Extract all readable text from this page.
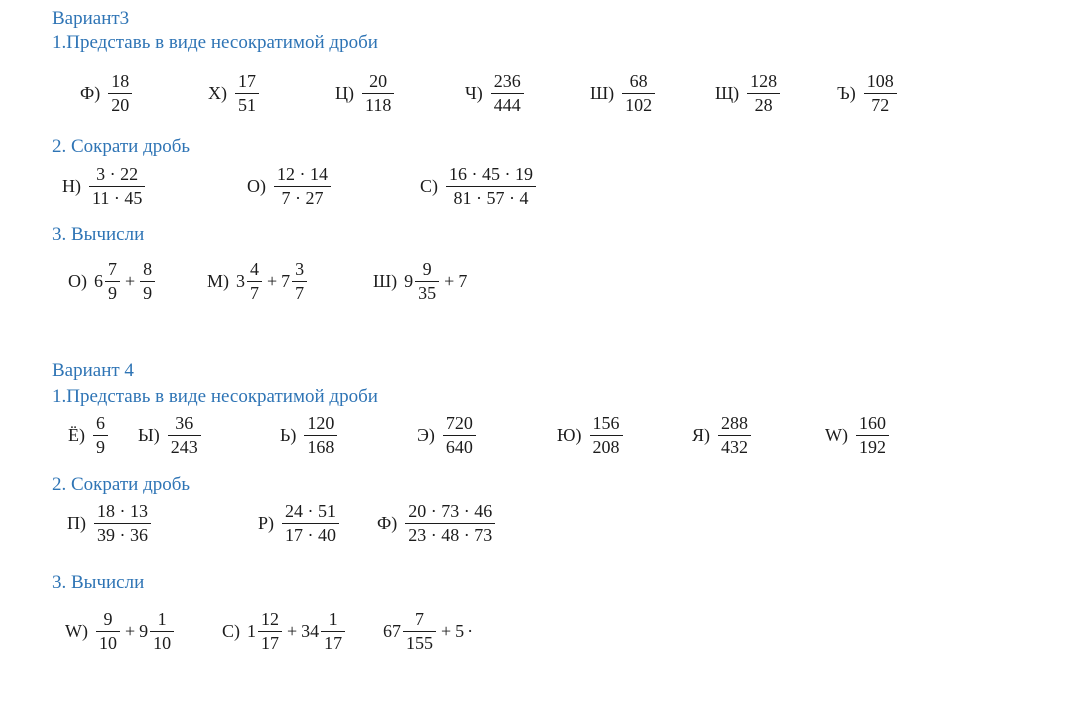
Вариант3
1.Представь в виде несократимой дроби
$Ф) \frac{18}{20}$	$Х) \frac{17}{51}$	$Ц) \frac{20}{118}$	$Ч) \frac{236}{444}$	$Ш) \frac{68}{102}$	$Щ) \frac{128}{28}$	$Ъ) \frac{108}{72}$
2. Сократи дробь
$Н) \frac{3 \cdot 22}{11 \cdot 45}$	$О) \frac{12 \cdot 14}{7 \cdot 27}$	$С) \frac{16 \cdot 45 \cdot 19}{81 \cdot 57 \cdot 4}$
3. Вычисли
О) $6 \frac{7}{9} + \frac{8}{9}$	М) $3 \frac{4}{7} + 7 \frac{3}{7}$	Ш) $9 \frac{9}{35} + 7$
Вариант 4
1.Представь в виде несократимой дроби
$Ё) \frac{6}{9} Ы) \frac{36}{243}$	$Ь) \frac{120}{168}$	$Э) \frac{720}{640}$	$Ю) \frac{156}{208}$	$Я) \frac{288}{432}$	$W) \frac{160}{192}$
2. Сократи дробь
$П) \frac{18 \cdot 13}{39 \cdot 36}$	$Р) \frac{24 \cdot 51}{17 \cdot 40} Ф) \frac{20 \cdot 73 \cdot 46}{23 \cdot 48 \cdot 73}$
3. Вычисли
$W) \frac{9}{10} + 9 \frac{1}{10}$	С) $1 \frac{12}{17} + 34 \frac{1}{17} 67 \frac{7}{155} + 5$ ·
